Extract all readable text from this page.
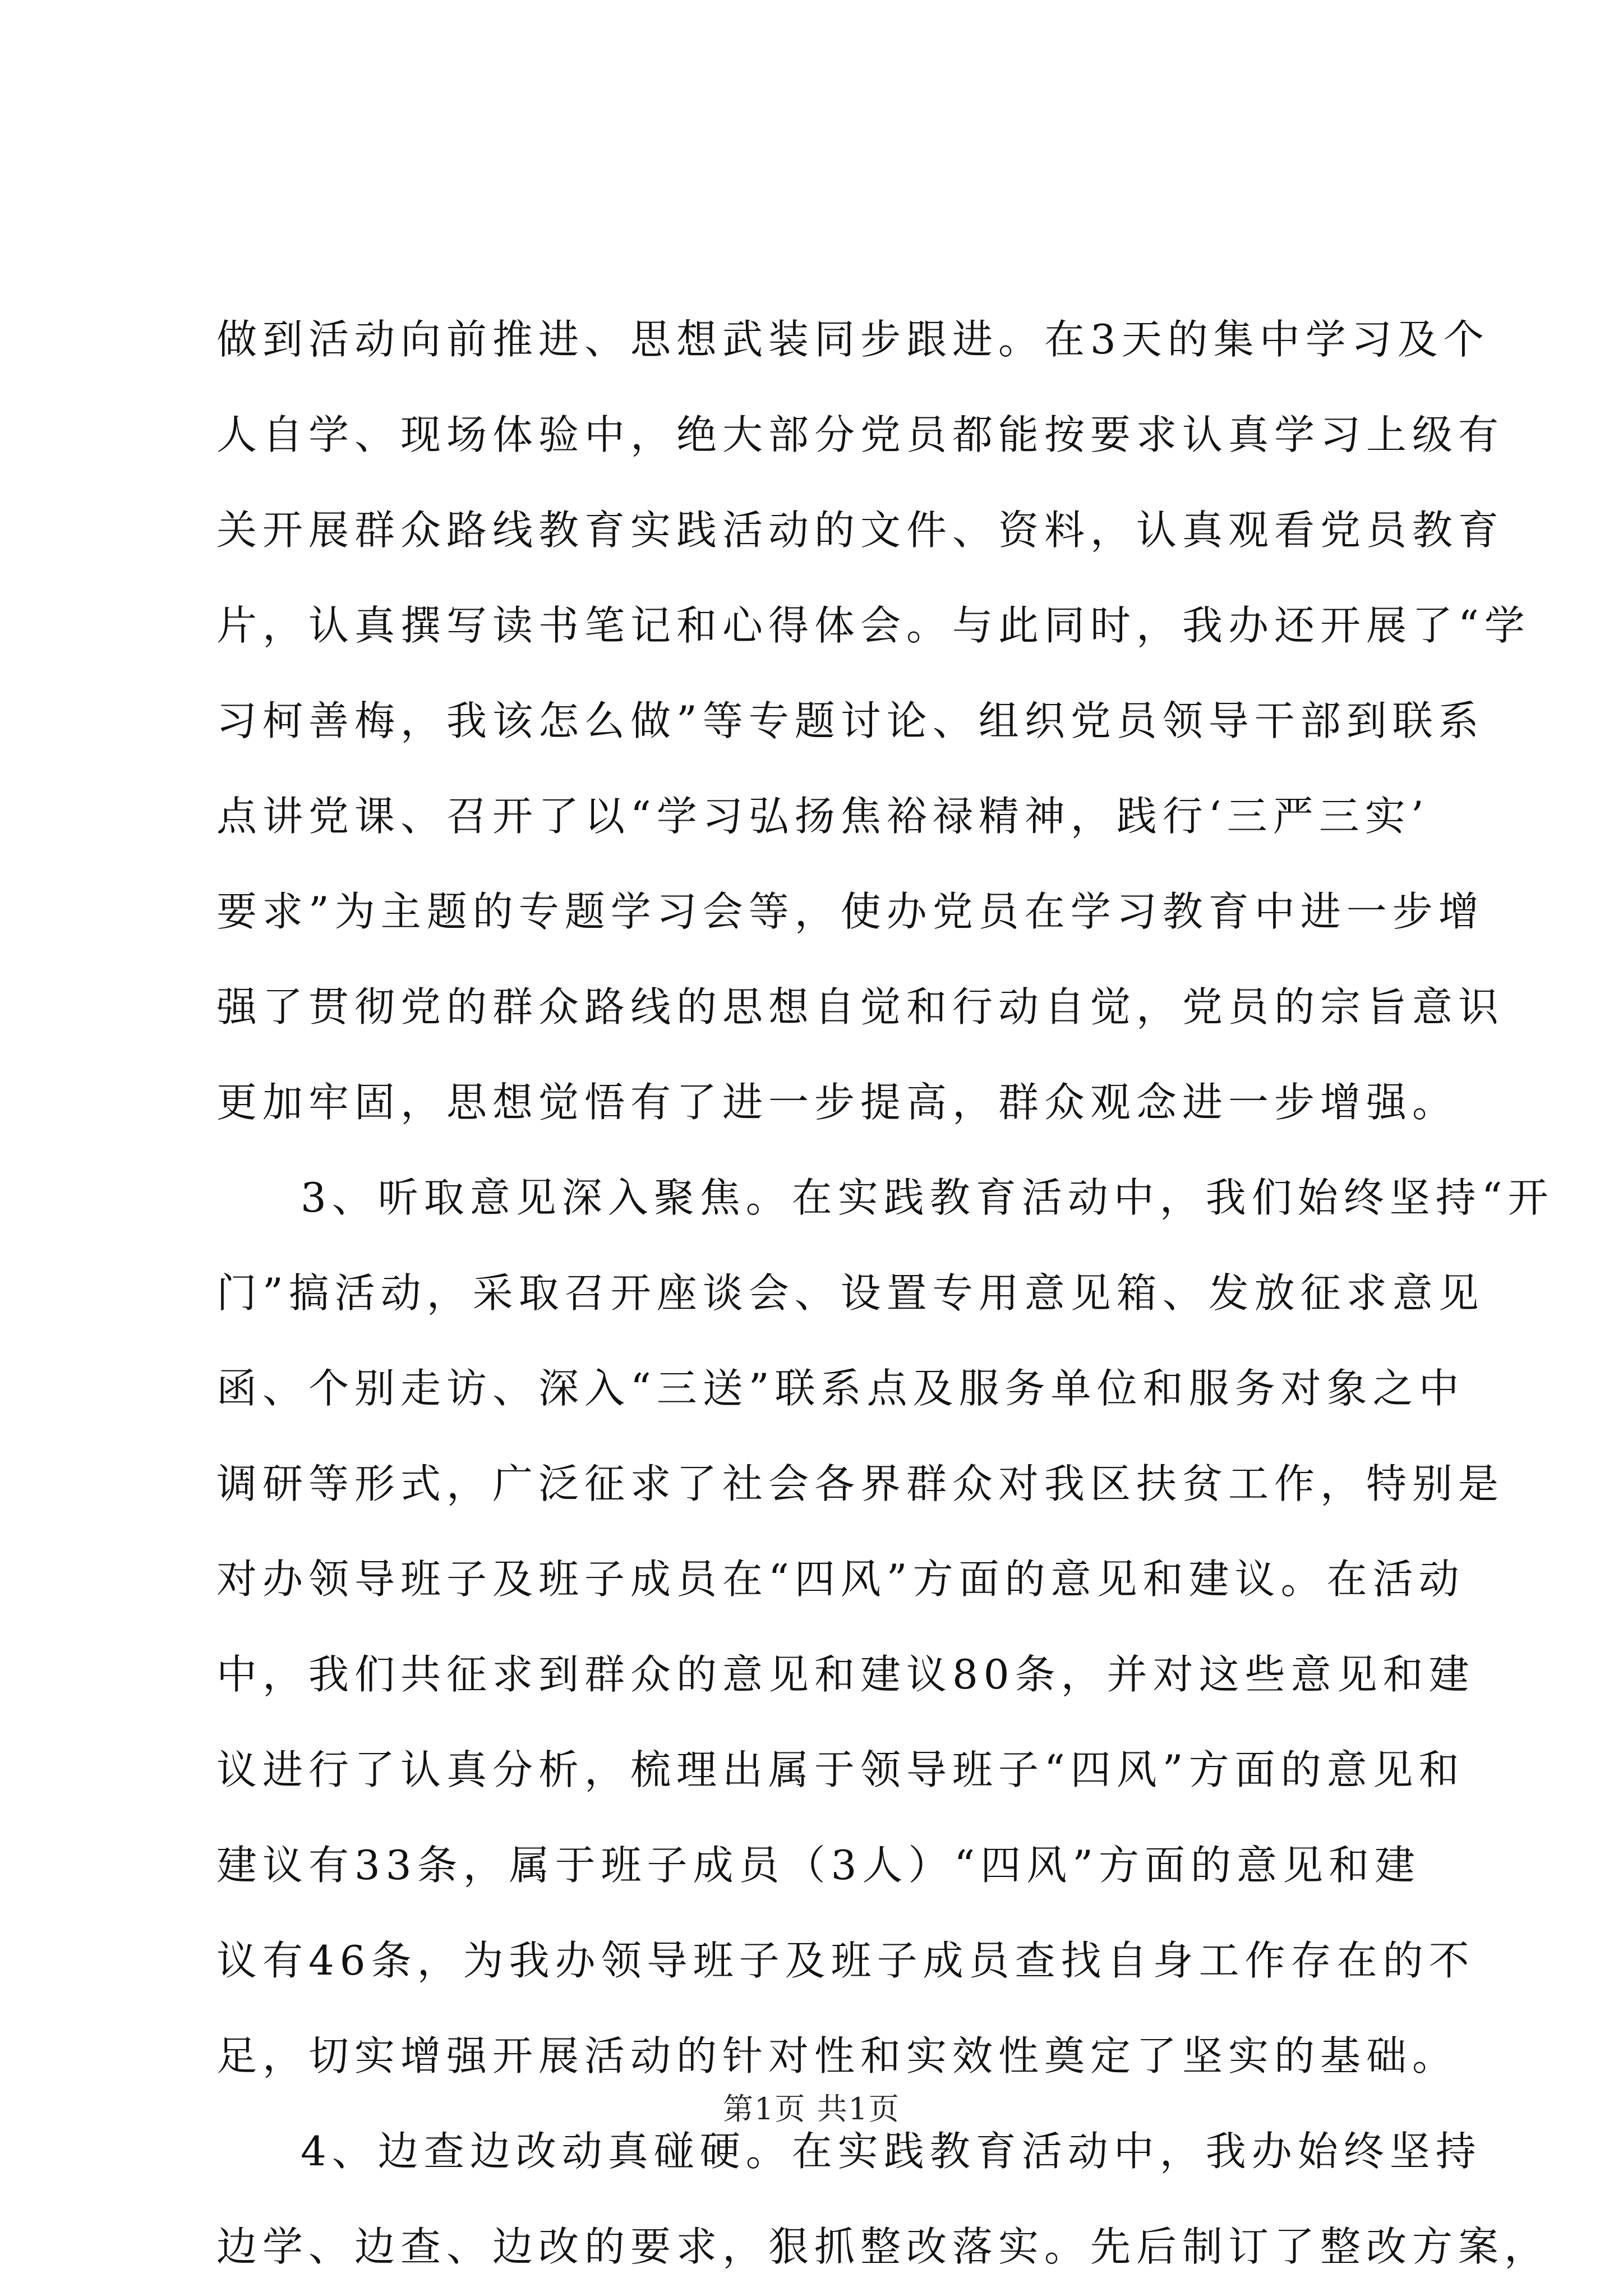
做到活动向前推进、思想武装同步跟进。在3天的集中学习及个
人自学、现场体验中，绝大部分党员都能按要求认真学习上级有
关开展群众路线教育实践活动的文件、资料，认真观看党员教育
片，认真撰写读书笔记和心得体会。与此同时，我办还开展了“学
习柯善梅，我该怎么做”等专题讨论、组织党员领导干部到联系
点讲党课、召开了以“学习弘扬焦裕禄精神，践行‘三严三实’
要求”为主题的专题学习会等，使办党员在学习教育中进一步增
强了贯彻党的群众路线的思想自觉和行动自觉，党员的宗旨意识
更加牢固，思想觉悟有了进一步提高，群众观念进一步增强。
3、听取意见深入聚焦。在实践教育活动中，我们始终坚持“开
门”搞活动，采取召开座谈会、设置专用意见箱、发放征求意见
函、个别走访、深入“三送”联系点及服务单位和服务对象之中
调研等形式，广泛征求了社会各界群众对我区扶贫工作，特别是
对办领导班子及班子成员在“四风”方面的意见和建议。在活动
中，我们共征求到群众的意见和建议80条，并对这些意见和建
议进行了认真分析，梳理出属于领导班子“四风”方面的意见和
建议有33条，属于班子成员（3人）“四风”方面的意见和建
议有46条，为我办领导班子及班子成员查找自身工作存在的不
足，切实增强开展活动的针对性和实效性奠定了坚实的基础。
4、边查边改动真碰硬。在实践教育活动中，我办始终坚持
边学、边查、边改的要求，狠抓整改落实。先后制订了整改方案，
第1页 共1页
